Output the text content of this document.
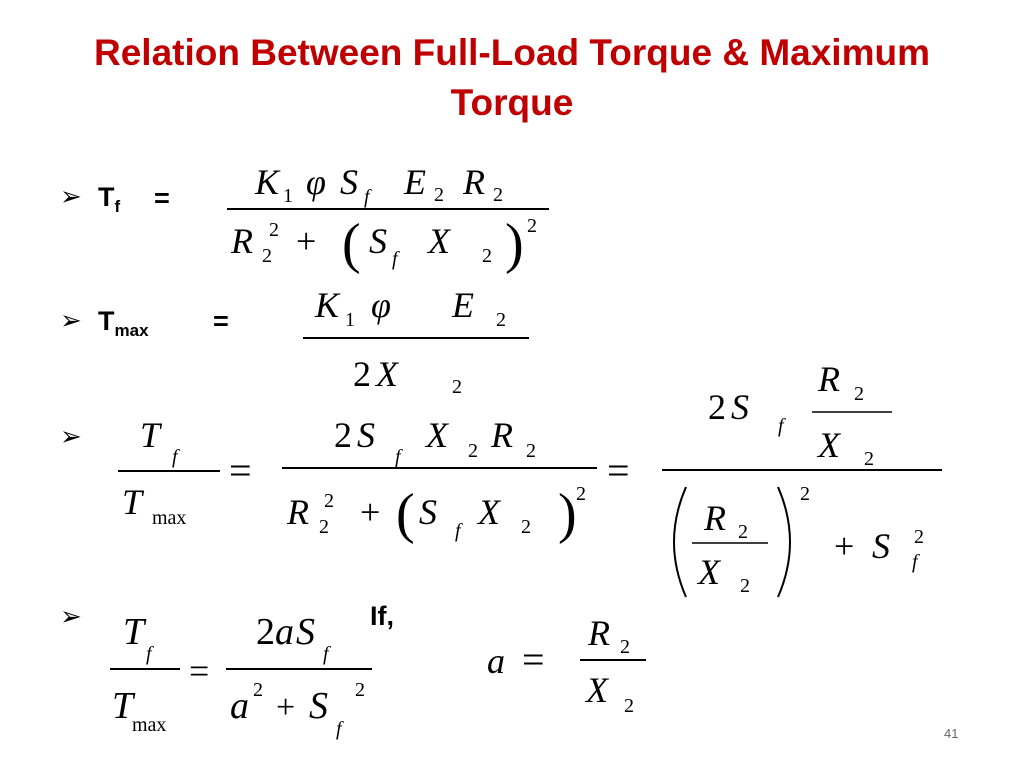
Relation Between Full-Load Torque & Maximum
Torque
➢
➢
➢
➢
$T_f$ =
$T_{max}$ =
If,
K 1 φ S f E 2 R 2
R 2
2 + ( S f X 2 ) 2
K 1 φ E 2
2 X	2
T
f
T max
=
2 S
f
X 2 R 2
R 2
2 + ( S f X 2 ) 2
=
2 S f
R 2
X 2
R 2
X 2
2
+ S 2
f
T
f
T
max
=
2 a S
f
a 2 + S 2
f
a =
R 2
X 2
41
